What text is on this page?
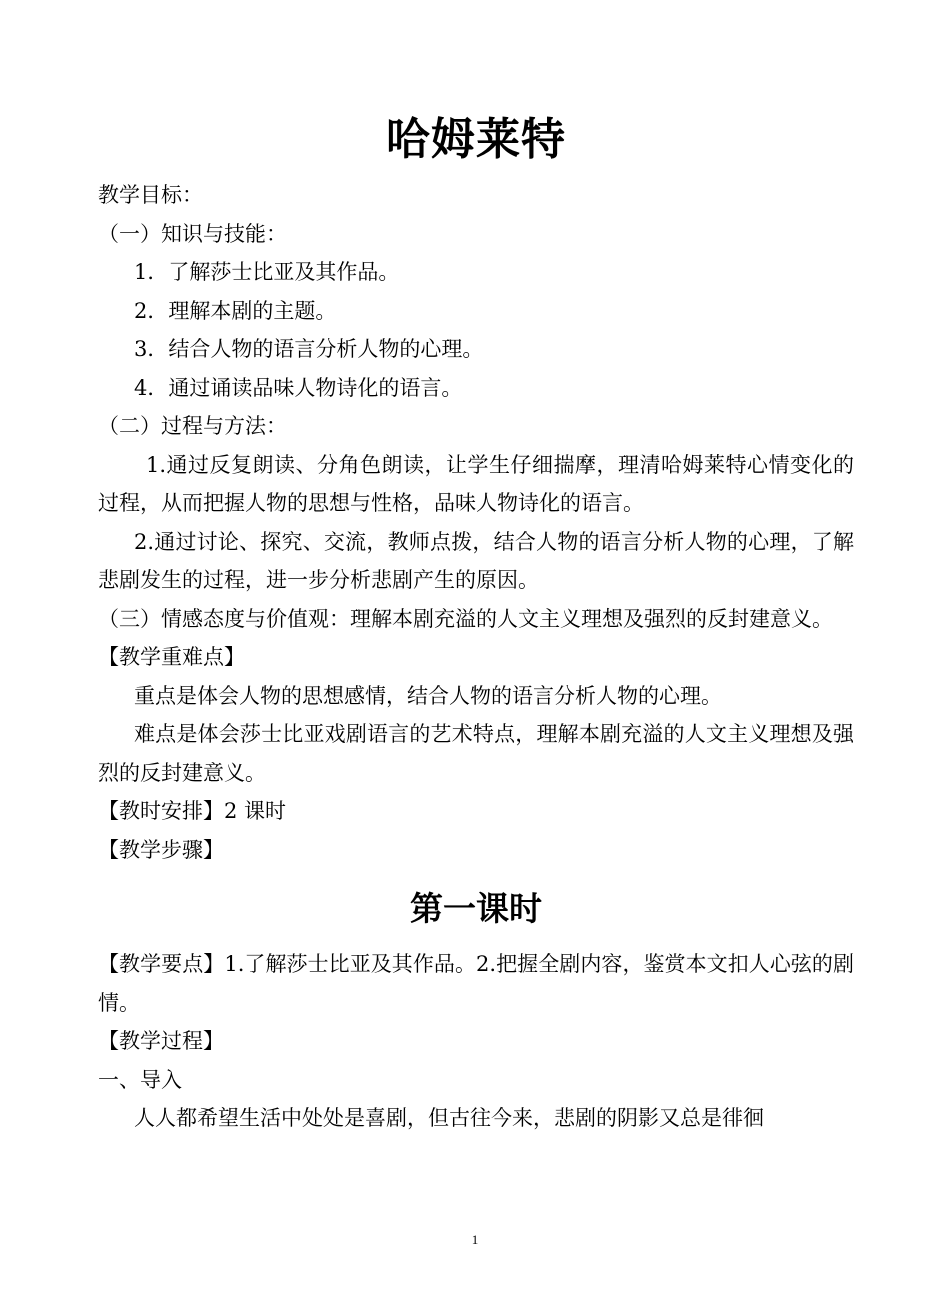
哈姆莱特

教学目标：

（一）知识与技能：

1．了解莎士比亚及其作品。

2．理解本剧的主题。

3．结合人物的语言分析人物的心理。

4．通过诵读品味人物诗化的语言。

（二）过程与方法：

1.通过反复朗读、分角色朗读，让学生仔细揣摩，理清哈姆莱特心情变化的过程，从而把握人物的思想与性格，品味人物诗化的语言。

2.通过讨论、探究、交流，教师点拨，结合人物的语言分析人物的心理，了解悲剧发生的过程，进一步分析悲剧产生的原因。

（三）情感态度与价值观：理解本剧充溢的人文主义理想及强烈的反封建意义。

【教学重难点】

重点是体会人物的思想感情，结合人物的语言分析人物的心理。

难点是体会莎士比亚戏剧语言的艺术特点，理解本剧充溢的人文主义理想及强烈的反封建意义。

【教时安排】2 课时

【教学步骤】

第一课时

【教学要点】1.了解莎士比亚及其作品。2.把握全剧内容，鉴赏本文扣人心弦的剧情。

【教学过程】

一、导入

人人都希望生活中处处是喜剧，但古往今来，悲剧的阴影又总是徘徊

1
